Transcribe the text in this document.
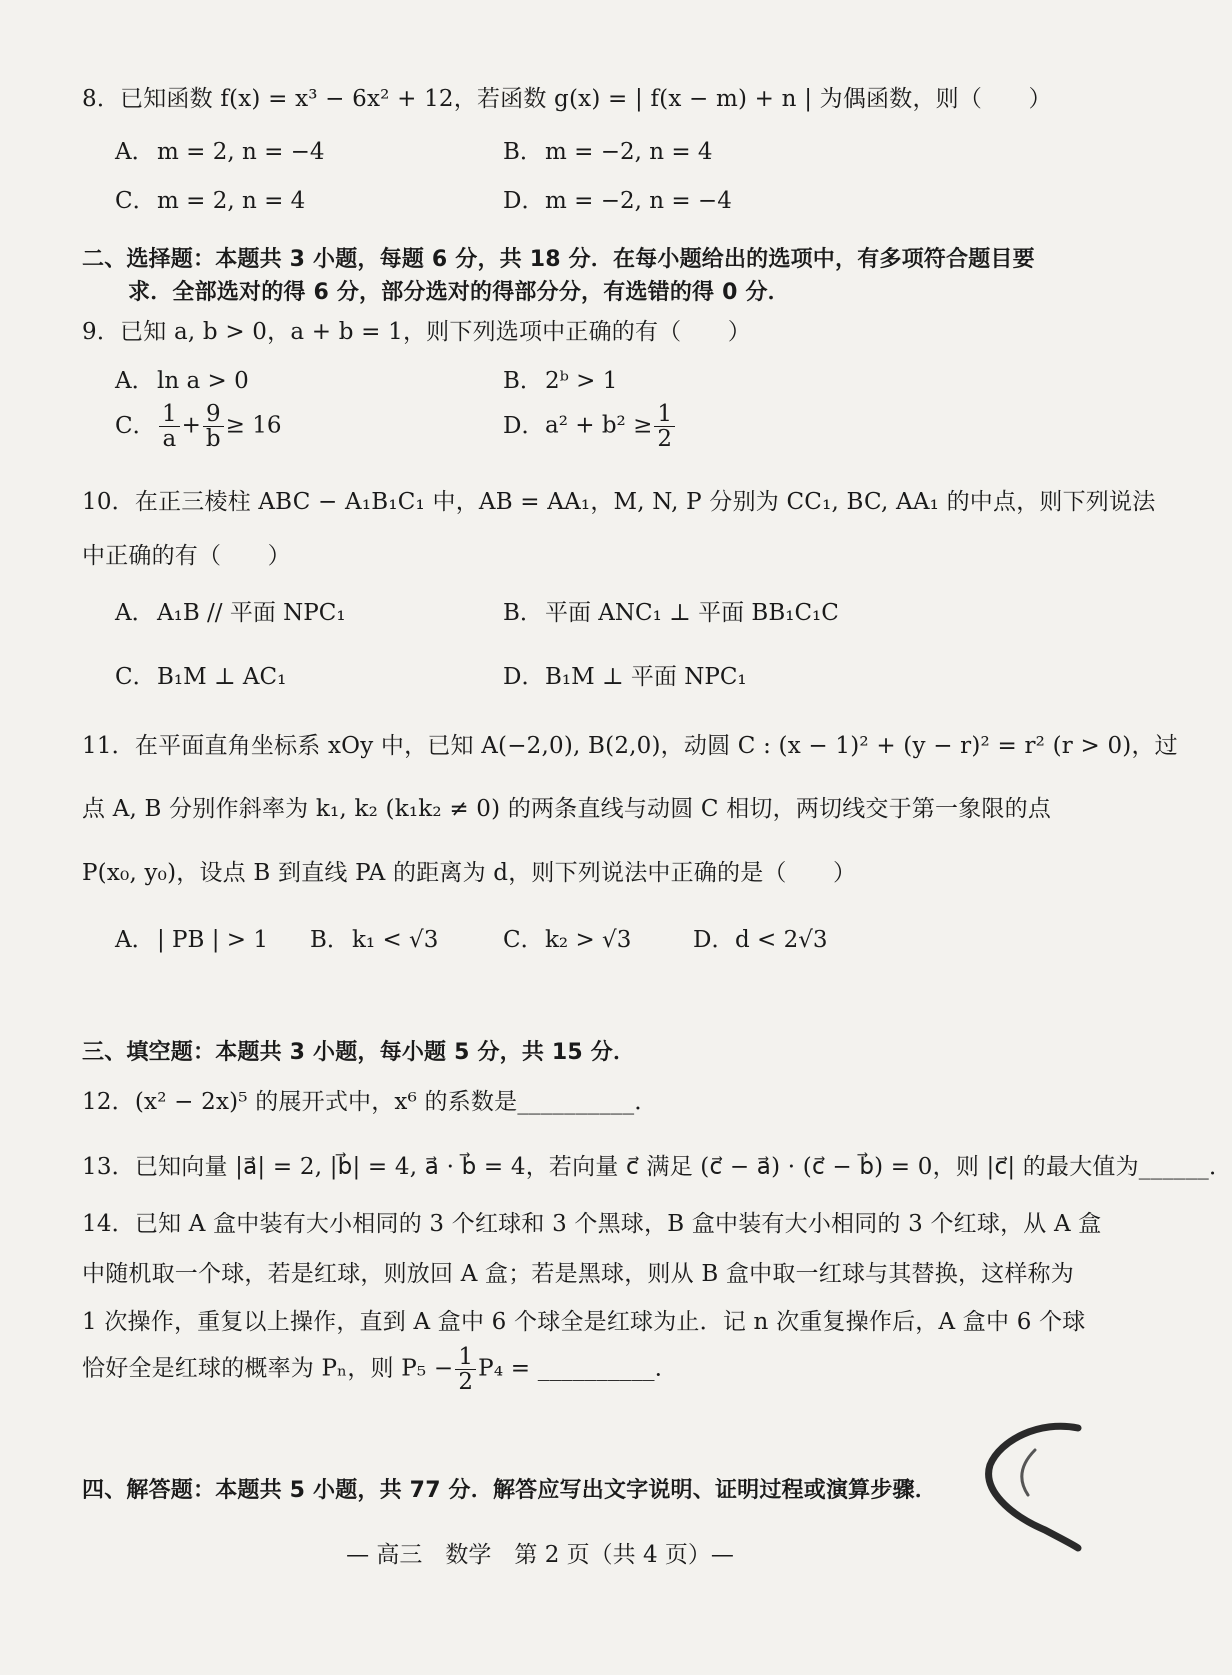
8．已知函数 f(x) = x³ − 6x² + 12，若函数 g(x) = | f(x − m) + n | 为偶函数，则（　　）
A． m = 2, n = −4	B．m = −2, n = 4
C．m = 2, n = 4	D．m = −2, n = −4
二、选择题：本题共 3 小题，每题 6 分，共 18 分．在每小题给出的选项中，有多项符合题目要
求．全部选对的得 6 分，部分选对的得部分分，有选错的得 0 分．
9．已知 a, b > 0，a + b = 1，则下列选项中正确的有（　　）
A． ln a > 0	B．2ᵇ > 1
C． $\frac{1}{a} + \frac{9}{b} \ge 16$	D．$a^2 + b^2 \ge \frac{1}{2}$
10．在正三棱柱 ABC − A₁B₁C₁ 中，AB = AA₁，M, N, P 分别为 CC₁, BC, AA₁ 的中点，则下列说法
中正确的有（　　）
A． A₁B // 平面 NPC₁	B．平面 ANC₁ ⊥ 平面 BB₁C₁C
C．B₁M ⊥ AC₁	D．B₁M ⊥ 平面 NPC₁
11．在平面直角坐标系 xOy 中，已知 A(−2,0), B(2,0)，动圆 C : (x − 1)² + (y − r)² = r² (r > 0)，过
点 A, B 分别作斜率为 k₁, k₂ (k₁k₂ ≠ 0) 的两条直线与动圆 C 相切，两切线交于第一象限的点
P(x₀, y₀)，设点 B 到直线 PA 的距离为 d，则下列说法中正确的是（　　）
A． | PB | > 1 B．k₁ < √3	C．k₂ > √3	D．d < 2√3
三、填空题：本题共 3 小题，每小题 5 分，共 15 分．
12．(x² − 2x)⁵ 的展开式中，x⁶ 的系数是__________．
13．已知向量 |a⃗| = 2, |b⃗| = 4, a⃗ · b⃗ = 4，若向量 c⃗ 满足 (c⃗ − a⃗) · (c⃗ − b⃗) = 0，则 |c⃗| 的最大值为______．
14．已知 A 盒中装有大小相同的 3 个红球和 3 个黑球，B 盒中装有大小相同的 3 个红球，从 A 盒
中随机取一个球，若是红球，则放回 A 盒；若是黑球，则从 B 盒中取一红球与其替换，这样称为
1 次操作，重复以上操作，直到 A 盒中 6 个球全是红球为止．记 n 次重复操作后，A 盒中 6 个球
恰好全是红球的概率为 Pₙ，则 $P_5 - \frac{1}{2} P_4$ = __________．
四、解答题：本题共 5 小题，共 77 分．解答应写出文字说明、证明过程或演算步骤．
— 高三　数学　第 2 页（共 4 页）—
